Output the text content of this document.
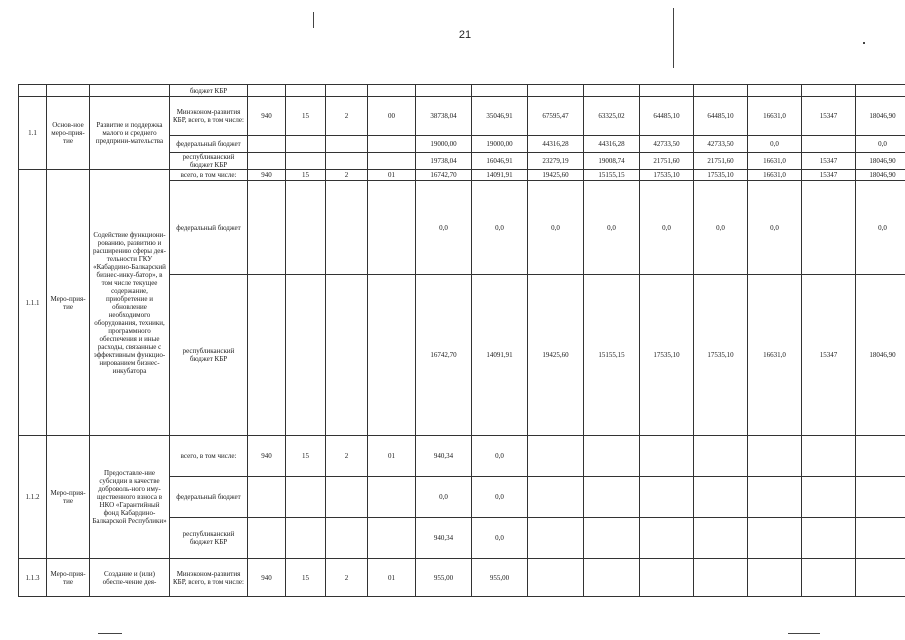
21
			бюджет КБР													
1.1	Основ-ное меро-прия-тие	Развитие и поддержка малого и среднего предприни-мательства	Минэконом-развития КБР, всего, в том числе:	940	15	2	00	38738,04	35046,91	67595,47	63325,02	64485,10	64485,10	16631,0	15347	18046,90
			федеральный бюджет					19000,00	19000,00	44316,28	44316,28	42733,50	42733,50	0,0		0,0
			республиканский бюджет КБР					19738,04	16046,91	23279,19	19008,74	21751,60	21751,60	16631,0	15347	18046,90
1.1.1	Меро-прия-тие	Содействие функциони-рованию, развитию и расширению сферы дея-тельности ГКУ «Кабардино-Балкарский бизнес-инку-батор», в том числе текущее содержание, приобретение и обновление необходимого оборудования, техники, программного обеспечения и иные расходы, связанные с эффективным функцио-нированием бизнес-инкубатора	всего, в том числе:	940	15	2	01	16742,70	14091,91	19425,60	15155,15	17535,10	17535,10	16631,0	15347	18046,90
			федеральный бюджет					0,0	0,0	0,0	0,0	0,0	0,0	0,0		0,0
			республиканский бюджет КБР					16742,70	14091,91	19425,60	15155,15	17535,10	17535,10	16631,0	15347	18046,90
1.1.2	Меро-прия-тие	Предоставле-ние субсидии в качестве доброволь-ного иму-щественного взноса в НКО «Гарантийный фонд Кабардино-Балкарской Республики»	всего, в том числе:	940	15	2	01	940,34	0,0							
			федеральный бюджет					0,0	0,0							
			республиканский бюджет КБР					940,34	0,0							
1.1.3	Меро-прия-тие	Создание и (или) обеспе-чение дея-	Минэконом-развития КБР, всего, в том числе:	940	15	2	01	955,00	955,00							
